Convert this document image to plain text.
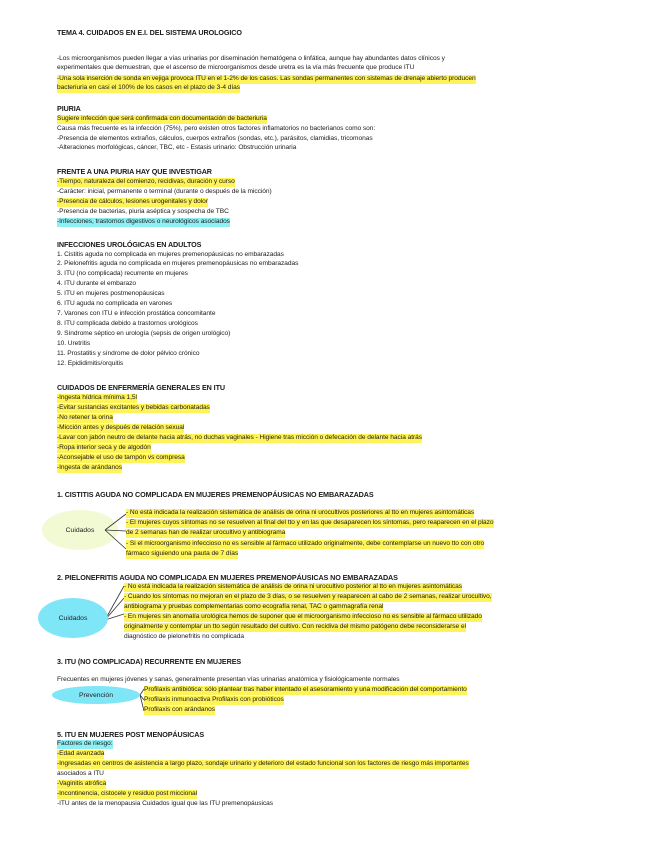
TEMA 4. CUIDADOS EN E.I. DEL SISTEMA UROLOGICO
-Los microorganismos pueden llegar a vías urinarias por diseminación hematógena o linfática, aunque hay abundantes datos clínicos y
experimentales que demuestran, que el ascenso de microorganismos desde uretra es la vía más frecuente que produce ITU
-Una sola inserción de sonda en vejiga provoca ITU en el 1-2% de los casos. Las sondas permanentes con sistemas de drenaje abierto producen
bacteriuria en casi el 100% de los casos en el plazo de 3-4 días
PIURIA
Sugiere infección que será confirmada con documentación de bacteriuria
Causa más frecuente es la infección (75%), pero existen otros factores inflamatorios no bacterianos como son:
-Presencia de elementos extraños, cálculos, cuerpos extraños (sondas, etc.), parásitos, clamidias, tricomonas
-Alteraciones morfológicas, cáncer, TBC, etc - Estasis urinario: Obstrucción urinaria
FRENTE A UNA PIURIA HAY QUE INVESTIGAR
-Tiempo, naturaleza del comienzo, recidivas, duración y curso
-Carácter: inicial, permanente o terminal (durante o después de la micción)
-Presencia de cálculos, lesiones urogenitales y dolor
-Presencia de bacterias, piuria aséptica y sospecha de TBC
-Infecciones, trastornos digestivos o neurológicos asociados
INFECCIONES UROLÓGICAS EN ADULTOS
1. Cistitis aguda no complicada en mujeres premenopáusicas no embarazadas
2. Pielonefritis aguda no complicada en mujeres premenopáusicas no embarazadas
3. ITU (no complicada) recurrente en mujeres
4. ITU durante el embarazo
5. ITU en mujeres postmenopáusicas
6. ITU aguda no complicada en varones
7. Varones con ITU e infección prostática concomitante
8. ITU complicada debido a trastornos urológicos
9. Síndrome séptico en urología (sepsis de origen urológico)
10. Uretritis
11. Prostatitis y síndrome de dolor pélvico crónico
12. Epididimitis/orquitis
CUIDADOS DE ENFERMERÍA GENERALES EN ITU
-Ingesta hídrica mínima 1,5l
-Evitar sustancias excitantes y bebidas carbonatadas
-No retener la orina
-Micción antes y después de relación sexual
-Lavar con jabón neutro de delante hacia atrás, no duchas vaginales - Higiene tras micción o defecación de delante hacia atrás
-Ropa interior seca y de algodón
-Aconsejable el uso de tampón vs compresa
-Ingesta de arándanos
1. CISTITIS AGUDA NO COMPLICADA EN MUJERES PREMENOPÁUSICAS NO EMBARAZADAS
Cuidados
- No está indicada la realización sistemática de análisis de orina ni urocultivos posteriores al tto en mujeres asintomáticas
- El mujeres cuyos síntomas no se resuelven al final del tto y en las que desaparecen los síntomas, pero reaparecen en el plazo
de 2 semanas han de realizar urocultivo y antibiograma
- Si el microorganismo infeccioso no es sensible al fármaco utilizado originalmente, debe contemplarse un nuevo tto con otro
fármaco siguiendo una pauta de 7 días
2. PIELONEFRITIS AGUDA NO COMPLICADA EN MUJERES PREMENOPÁUSICAS NO EMBARAZADAS
Cuidados
- No está indicada la realización sistemática de análisis de orina ni urocultivo posterior al tto en mujeres asintomáticas
- Cuando los síntomas no mejoran en el plazo de 3 días, o se resuelven y reaparecen al cabo de 2 semanas, realizar urocultivo,
antibiograma y pruebas complementarias como ecografía renal, TAC o gammagrafía renal
- En mujeres sin anomalía urológica hemos de suponer que el microorganismo infeccioso no es sensible al fármaco utilizado
originalmente y contemplar un tto según resultado del cultivo. Con recidiva del mismo patógeno debe reconsiderarse el
diagnóstico de pielonefritis no complicada
3. ITU (NO COMPLICADA) RECURRENTE EN MUJERES
Frecuentes en mujeres jóvenes y sanas, generalmente presentan vías urinarias anatómica y fisiológicamente normales
Prevención
Profilaxis antibiótica: sólo plantear tras haber intentado el asesoramiento y una modificación del comportamiento
Profilaxis inmunoactiva Profilaxis con probióticos
Profilaxis con arándanos
5. ITU EN MUJERES POST MENOPÁUSICAS
Factores de riesgo:
-Edad avanzada
-Ingresadas en centros de asistencia a largo plazo, sondaje urinario y deterioro del estado funcional son los factores de riesgo más importantes
asociados a ITU
-Vaginitis atrófica
-Incontinencia, cistocele y residuo post miccional
-ITU antes de la menopausia Cuidados igual que las ITU premenopáusicas
